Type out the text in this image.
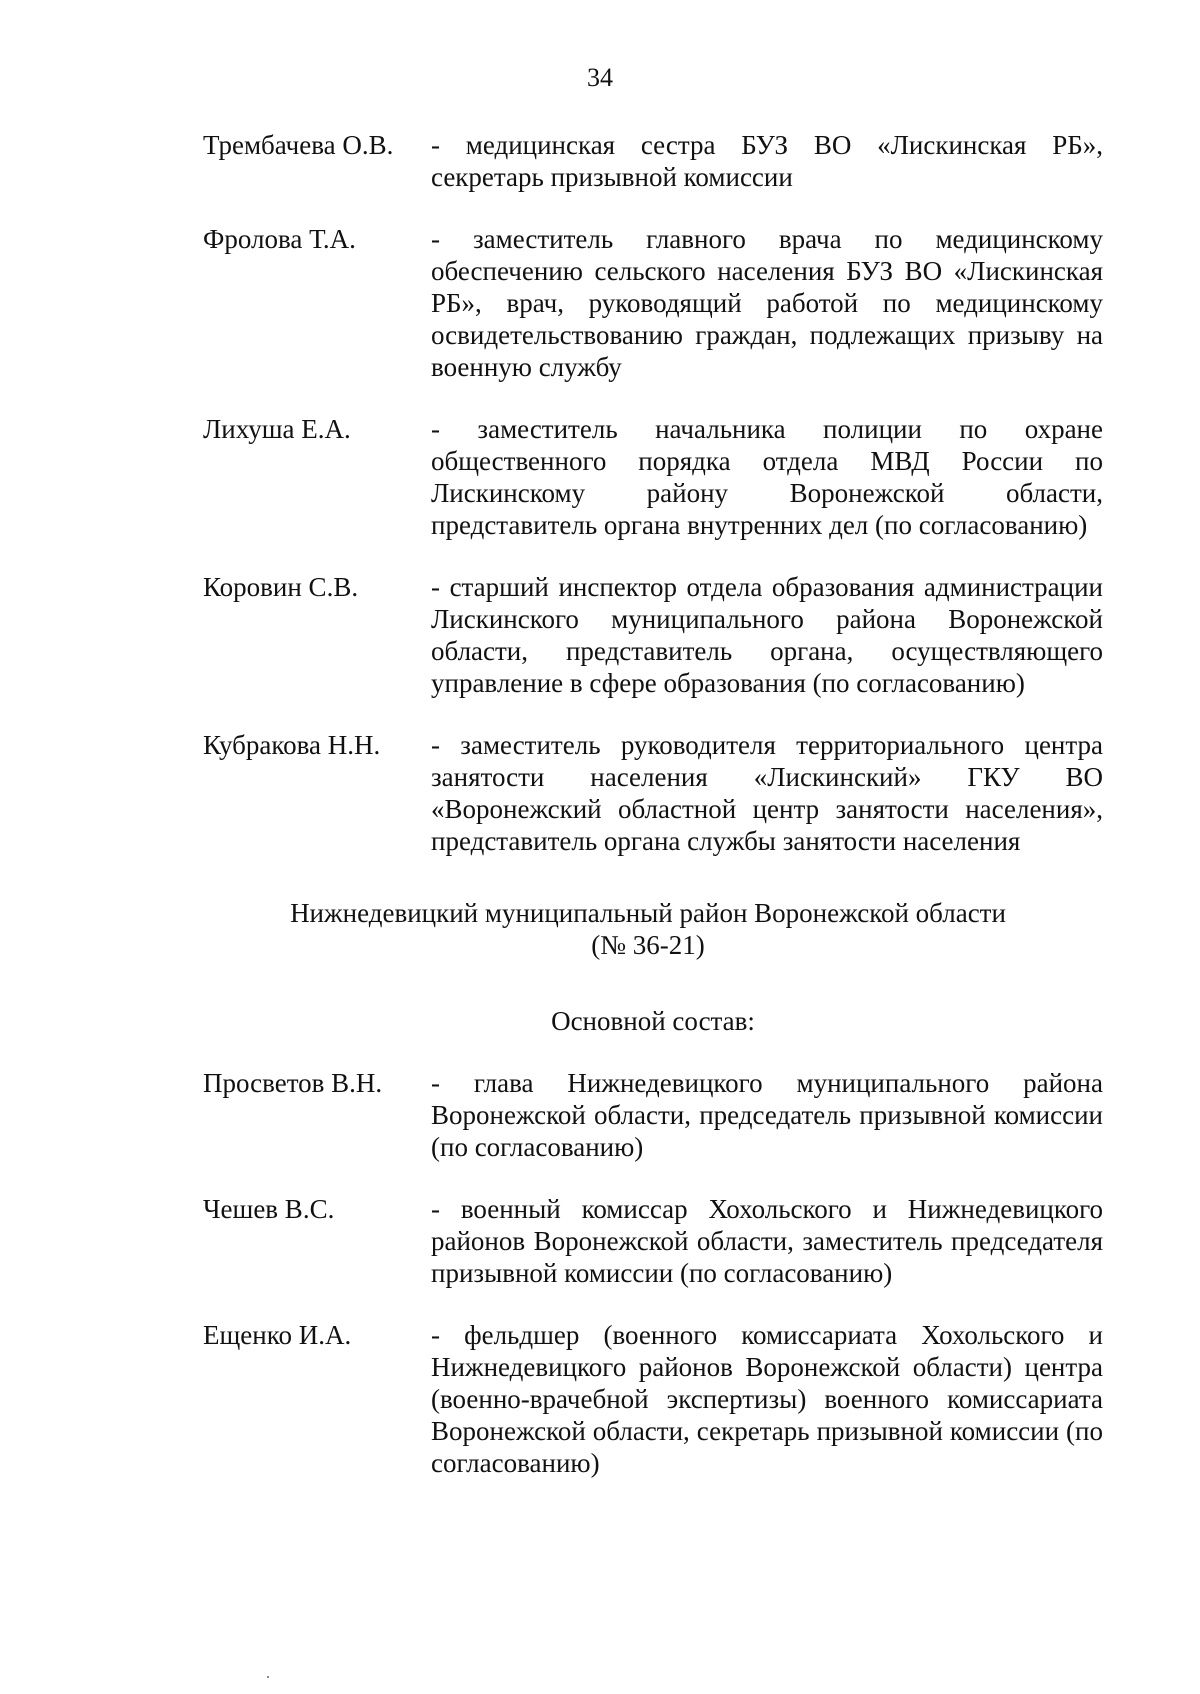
34
Трембачева О.В.	- медицинская сестра БУЗ ВО «Лискинская РБ», секретарь призывной комиссии
Фролова Т.А.	- заместитель главного врача по медицинскому обеспечению сельского населения БУЗ ВО «Лискинская РБ», врач, руководящий работой по медицинскому освидетельствованию граждан, подлежащих призыву на военную службу
Лихуша Е.А.	- заместитель начальника полиции по охране общественного порядка отдела МВД России по Лискинскому району Воронежской области, представитель органа внутренних дел (по согласованию)
Коровин С.В.	- старший инспектор отдела образования администрации Лискинского муниципального района Воронежской области, представитель органа, осуществляющего управление в сфере образования (по согласованию)
Кубракова Н.Н.	- заместитель руководителя территориального центра занятости населения «Лискинский» ГКУ ВО «Воронежский областной центр занятости населения», представитель органа службы занятости населения
Нижнедевицкий муниципальный район Воронежской области
(№ 36-21)
Основной состав:
Просветов В.Н.	- глава Нижнедевицкого муниципального района Воронежской области, председатель призывной комиссии (по согласованию)
Чешев В.С.	- военный комиссар Хохольского и Нижнедевицкого районов Воронежской области, заместитель председателя призывной комиссии (по согласованию)
Ещенко И.А.	- фельдшер (военного комиссариата Хохольского и Нижнедевицкого районов Воронежской области) центра (военно-врачебной экспертизы) военного комиссариата Воронежской области, секретарь призывной комиссии (по согласованию)
